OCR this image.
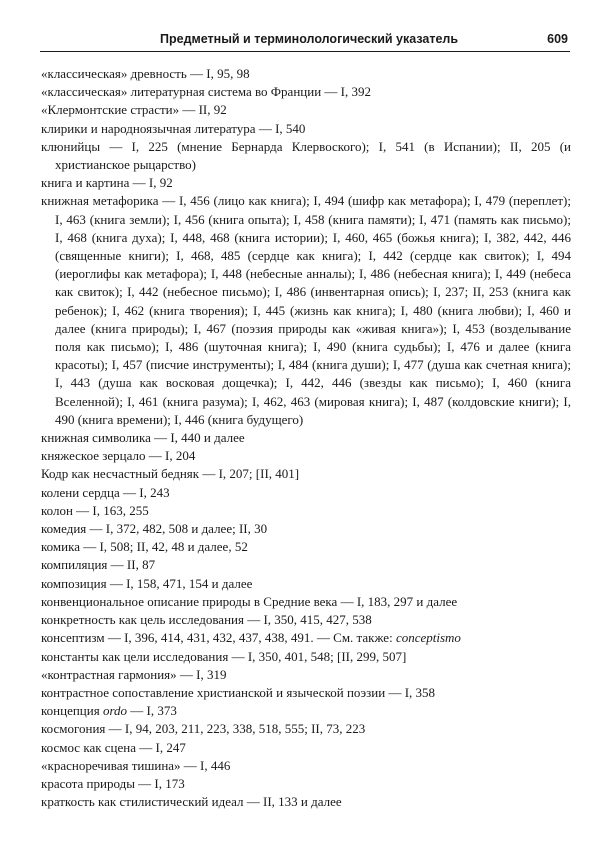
Предметный и терминолологический указатель	609
«классическая» древность — I, 95, 98
«классическая» литературная система во Франции — I, 392
«Клермонтские страсти» — II, 92
клирики и народноязычная литература — I, 540
клюнийцы — I, 225 (мнение Бернарда Клервоского); I, 541 (в Испании); II, 205 (и христианское рыцарство)
книга и картина — I, 92
книжная метафорика — I, 456 (лицо как книга); I, 494 (шифр как метафора); I, 479 (переплет); I, 463 (книга земли); I, 456 (книга опыта); I, 458 (книга памяти); I, 471 (память как письмо); I, 468 (книга духа); I, 448, 468 (книга истории); I, 460, 465 (божья книга); I, 382, 442, 446 (священные книги); I, 468, 485 (сердце как книга); I, 442 (сердце как свиток); I, 494 (иероглифы как метафора); I, 448 (небесные анналы); I, 486 (небесная книга); I, 449 (небеса как свиток); I, 442 (небесное письмо); I, 486 (инвентарная опись); I, 237; II, 253 (книга как ребенок); I, 462 (книга творения); I, 445 (жизнь как книга); I, 480 (книга любви); I, 460 и далее (книга природы); I, 467 (поэзия природы как «живая книга»); I, 453 (возделывание поля как письмо); I, 486 (шуточная книга); I, 490 (книга судьбы); I, 476 и далее (книга красоты); I, 457 (писчие инструменты); I, 484 (книга души); I, 477 (душа как счетная книга); I, 443 (душа как восковая дощечка); I, 442, 446 (звезды как письмо); I, 460 (книга Вселенной); I, 461 (книга разума); I, 462, 463 (мировая книга); I, 487 (колдовские книги); I, 490 (книга времени); I, 446 (книга будущего)
книжная символика — I, 440 и далее
княжеское зерцало — I, 204
Кодр как несчастный бедняк — I, 207; [II, 401]
колени сердца — I, 243
колон — I, 163, 255
комедия — I, 372, 482, 508 и далее; II, 30
комика — I, 508; II, 42, 48 и далее, 52
компиляция — II, 87
композиция — I, 158, 471, 154 и далее
конвенциональное описание природы в Средние века — I, 183, 297 и далее
конкретность как цель исследования — I, 350, 415, 427, 538
консептизм — I, 396, 414, 431, 432, 437, 438, 491. — См. также: conceptismo
константы как цели исследования — I, 350, 401, 548; [II, 299, 507]
«контрастная гармония» — I, 319
контрастное сопоставление христианской и языческой поэзии — I, 358
концепция ordo — I, 373
космогония — I, 94, 203, 211, 223, 338, 518, 555; II, 73, 223
космос как сцена — I, 247
«красноречивая тишина» — I, 446
красота природы — I, 173
краткость как стилистический идеал — II, 133 и далее
